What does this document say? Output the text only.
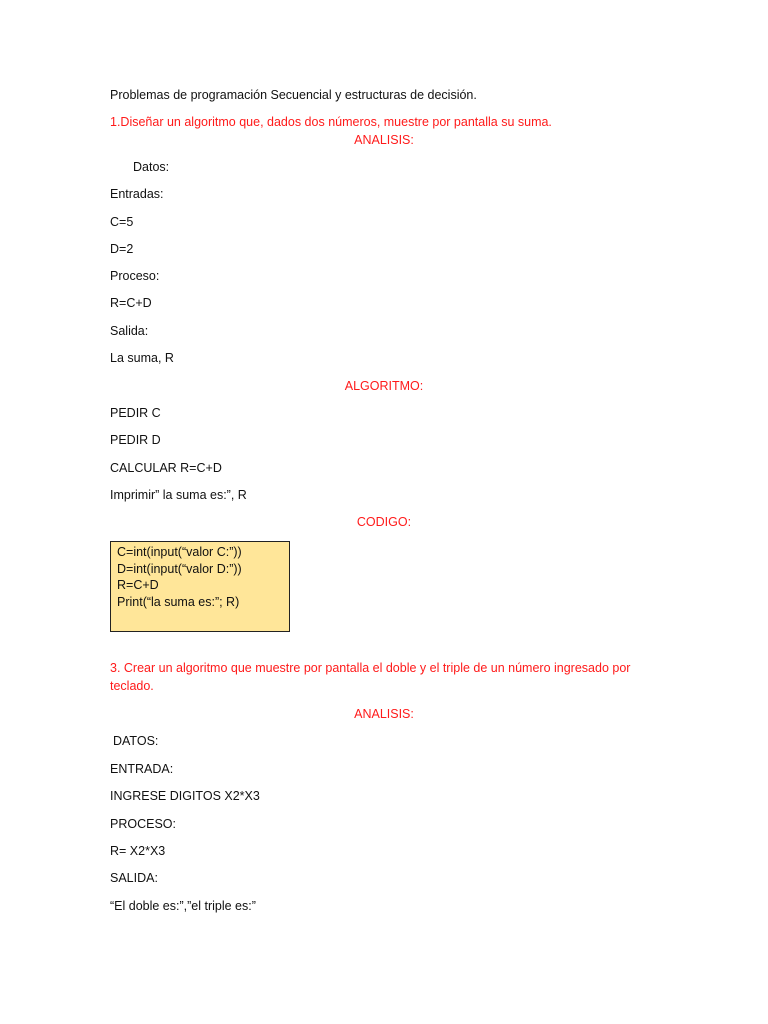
Problemas de programación Secuencial y estructuras de decisión.
1.Diseñar un algoritmo que, dados dos números, muestre por pantalla su suma.
ANALISIS:
Datos:
Entradas:
C=5
D=2
Proceso:
R=C+D
Salida:
La suma, R
ALGORITMO:
PEDIR C
PEDIR D
CALCULAR R=C+D
Imprimir” la suma es:”, R
CODIGO:
C=int(input(“valor C:”))
D=int(input(“valor D:”))
R=C+D
Print(“la suma es:”; R)
3. Crear un algoritmo que muestre por pantalla el doble y el triple de un número ingresado por teclado.
ANALISIS:
DATOS:
ENTRADA:
INGRESE DIGITOS X2*X3
PROCESO:
R= X2*X3
SALIDA:
“El doble es:”,”el triple es:”
